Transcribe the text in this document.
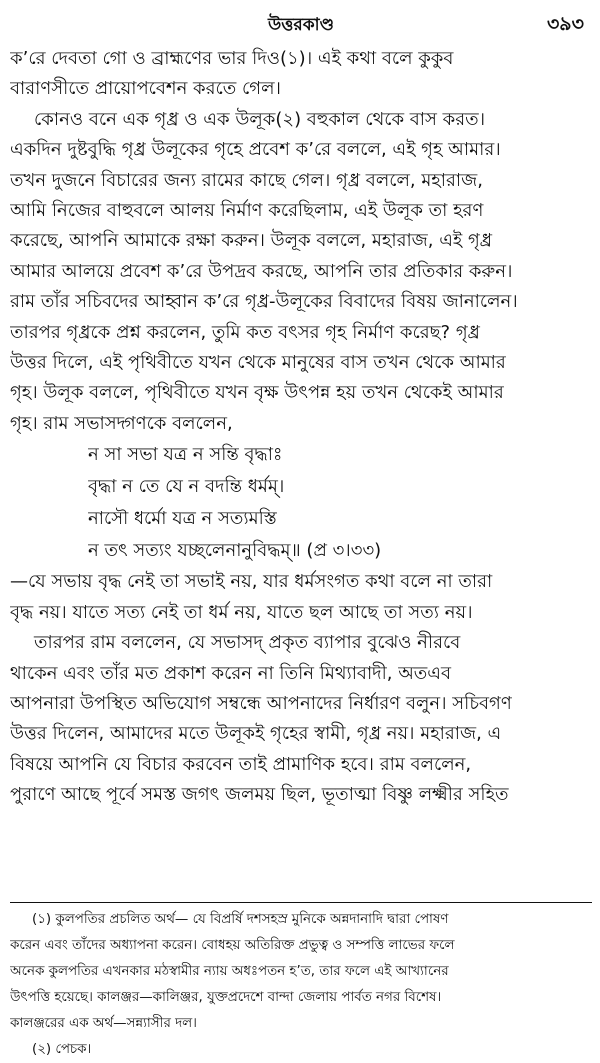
উত্তরকাণ্ড	৩৯৩
ক’রে দেবতা গো ও ব্রাহ্মণের ভার দিও(১)। এই কথা বলে কুকুব
বারাণসীতে প্রায়োপবেশন করতে গেল।
কোনও বনে এক গৃধ্র ও এক উলূক(২) বহুকাল থেকে বাস করত।
একদিন দুষ্টবুদ্ধি গৃধ্র উলূকের গৃহে প্রবেশ ক’রে বললে, এই গৃহ আমার।
তখন দুজনে বিচারের জন্য রামের কাছে গেল। গৃধ্র বললে, মহারাজ,
আমি নিজের বাহুবলে আলয় নির্মাণ করেছিলাম, এই উলূক তা হরণ
করেছে, আপনি আমাকে রক্ষা করুন। উলূক বললে, মহারাজ, এই গৃধ্র
আমার আলয়ে প্রবেশ ক’রে উপদ্রব করছে, আপনি তার প্রতিকার করুন।
রাম তাঁর সচিবদের আহ্বান ক’রে গৃধ্র-উলূকের বিবাদের বিষয় জানালেন।
তারপর গৃধ্রকে প্রশ্ন করলেন, তুমি কত বৎসর গৃহ নির্মাণ করেছ? গৃধ্র
উত্তর দিলে, এই পৃথিবীতে যখন থেকে মানুষের বাস তখন থেকে আমার
গৃহ। উলূক বললে, পৃথিবীতে যখন বৃক্ষ উৎপন্ন হয় তখন থেকেই আমার
গৃহ। রাম সভাসদ্গণকে বললেন,
ন সা সভা যত্র ন সন্তি বৃদ্ধাঃ
বৃদ্ধা ন তে যে ন বদন্তি ধর্মম্।
নাসৌ ধর্মো যত্র ন সত্যমস্তি
ন তৎ সত্যং যচ্ছলেনানুবিদ্ধম্॥ (প্র ৩।৩৩)
—যে সভায় বৃদ্ধ নেই তা সভাই নয়, যার ধর্মসংগত কথা বলে না তারা
বৃদ্ধ নয়। যাতে সত্য নেই তা ধর্ম নয়, যাতে ছল আছে তা সত্য নয়।
তারপর রাম বললেন, যে সভাসদ্ প্রকৃত ব্যাপার বুঝেও নীরবে
থাকেন এবং তাঁর মত প্রকাশ করেন না তিনি মিথ্যাবাদী, অতএব
আপনারা উপস্থিত অভিযোগ সম্বন্ধে আপনাদের নির্ধারণ বলুন। সচিবগণ
উত্তর দিলেন, আমাদের মতে উলূকই গৃহের স্বামী, গৃধ্র নয়। মহারাজ, এ
বিষয়ে আপনি যে বিচার করবেন তাই প্রামাণিক হবে। রাম বললেন,
পুরাণে আছে পূর্বে সমস্ত জগৎ জলময় ছিল, ভূতাত্মা বিষ্ণু লক্ষ্মীর সহিত
(১) কুলপতির প্রচলিত অর্থ— যে বিপ্রর্ষি দশসহস্র মুনিকে অন্নদানাদি দ্বারা পোষণ
করেন এবং তাঁদের অধ্যাপনা করেন। বোধহয় অতিরিক্ত প্রভুত্ব ও সম্পত্তি লাভের ফলে
অনেক কুলপতির এখনকার মঠস্বামীর ন্যায় অধঃপতন হ’ত, তার ফলে এই আখ্যানের
উৎপত্তি হয়েছে। কালঞ্জর—কালিঞ্জর, যুক্তপ্রদেশে বান্দা জেলায় পার্বত নগর বিশেষ।
কালঞ্জরের এক অর্থ—সন্ন্যাসীর দল।
(২) পেচক।
